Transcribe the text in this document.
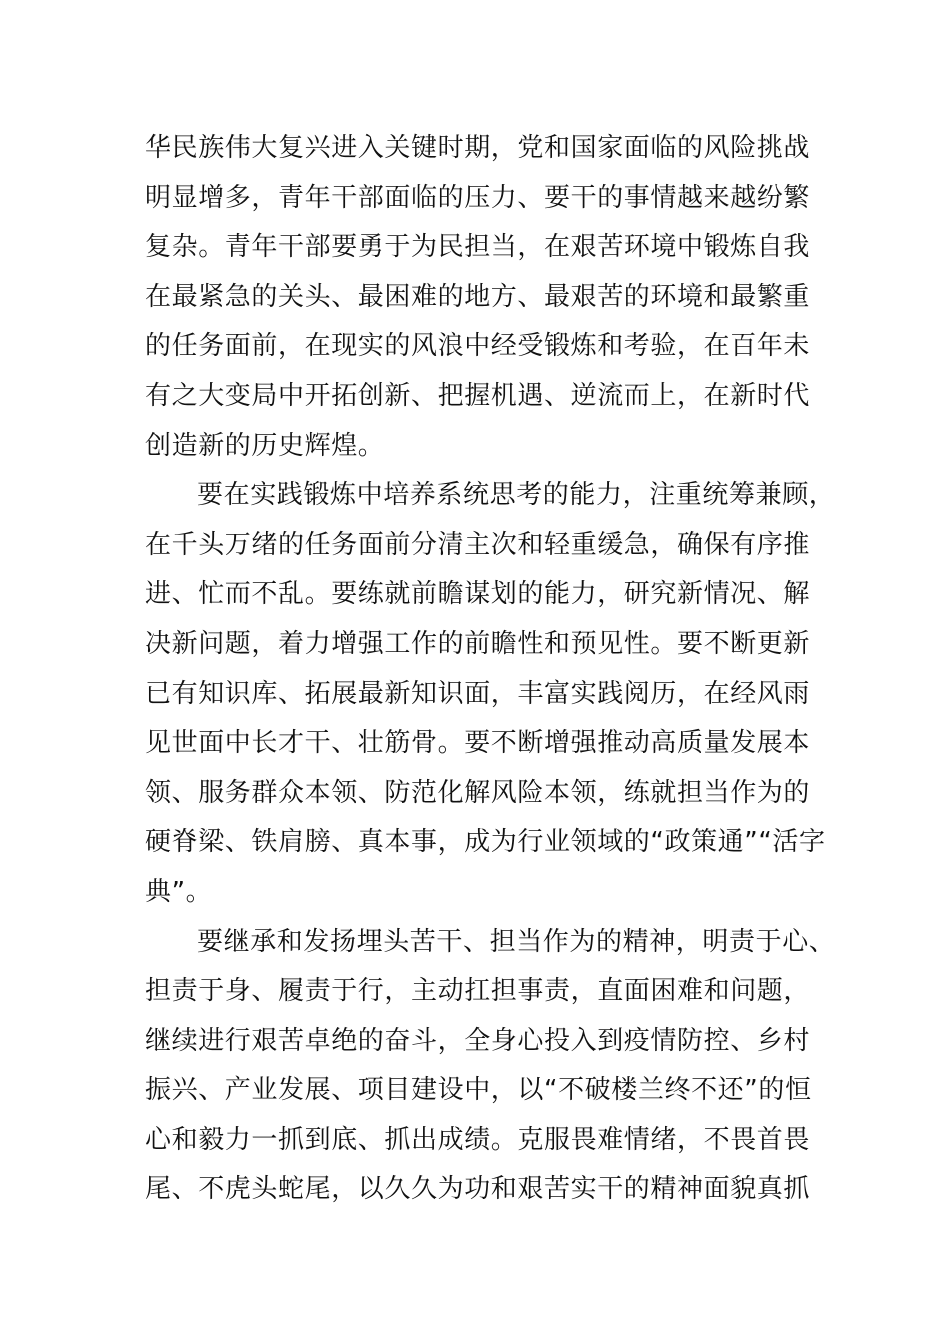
华民族伟大复兴进入关键时期，党和国家面临的风险挑战
明显增多，青年干部面临的压力、要干的事情越来越纷繁
复杂。青年干部要勇于为民担当，在艰苦环境中锻炼自我
在最紧急的关头、最困难的地方、最艰苦的环境和最繁重
的任务面前，在现实的风浪中经受锻炼和考验，在百年未
有之大变局中开拓创新、把握机遇、逆流而上，在新时代
创造新的历史辉煌。
要在实践锻炼中培养系统思考的能力，注重统筹兼顾，
在千头万绪的任务面前分清主次和轻重缓急，确保有序推
进、忙而不乱。要练就前瞻谋划的能力，研究新情况、解
决新问题，着力增强工作的前瞻性和预见性。要不断更新
已有知识库、拓展最新知识面，丰富实践阅历，在经风雨
见世面中长才干、壮筋骨。要不断增强推动高质量发展本
领、服务群众本领、防范化解风险本领，练就担当作为的
硬脊梁、铁肩膀、真本事，成为行业领域的“政策通”“活字
典”。
要继承和发扬埋头苦干、担当作为的精神，明责于心、
担责于身、履责于行，主动扛担事责，直面困难和问题，
继续进行艰苦卓绝的奋斗，全身心投入到疫情防控、乡村
振兴、产业发展、项目建设中，以“不破楼兰终不还”的恒
心和毅力一抓到底、抓出成绩。克服畏难情绪，不畏首畏
尾、不虎头蛇尾，以久久为功和艰苦实干的精神面貌真抓
